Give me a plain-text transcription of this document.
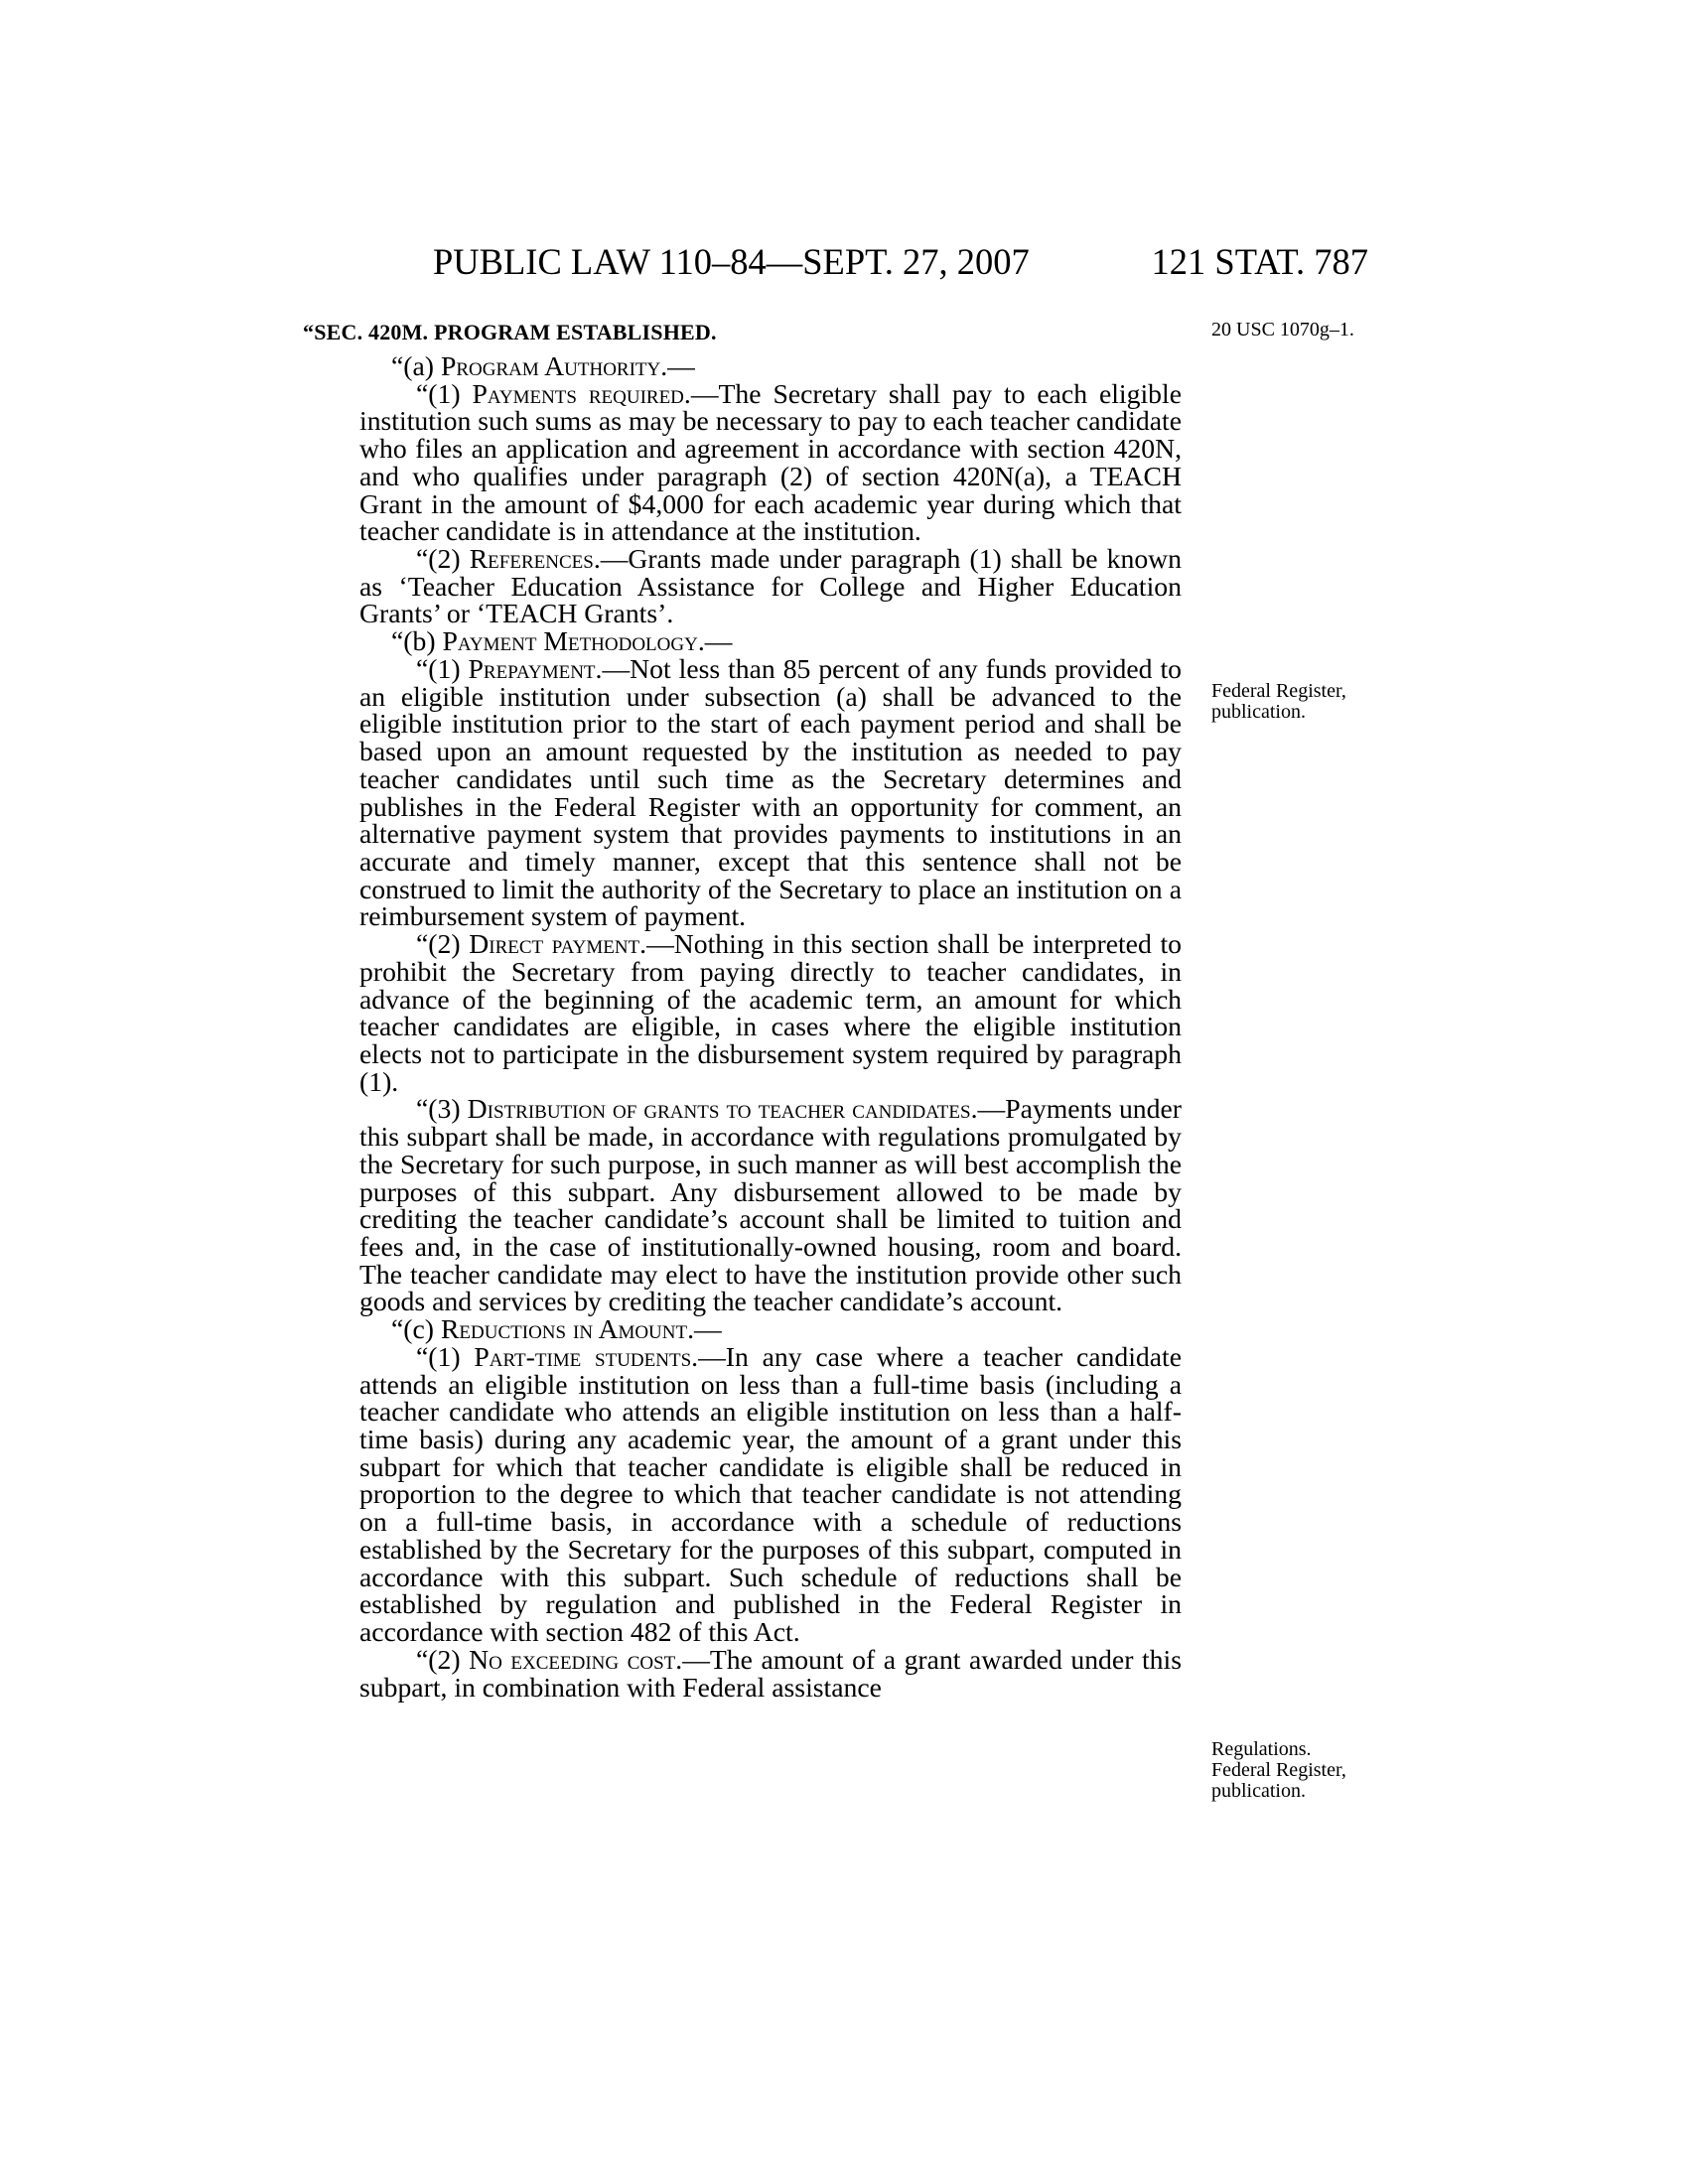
PUBLIC LAW 110–84—SEPT. 27, 2007	121 STAT. 787
20 USC 1070g–1.
Federal Register,
publication.
Regulations.
Federal Register,
publication.

“SEC. 420M. PROGRAM ESTABLISHED.

“(a) Program Authority.—

“(1) Payments required.—The Secretary shall pay to each eligible institution such sums as may be necessary to pay to each teacher candidate who files an application and agreement in accordance with section 420N, and who qualifies under paragraph (2) of section 420N(a), a TEACH Grant in the amount of $4,000 for each academic year during which that teacher candidate is in attendance at the institution.

“(2) References.—Grants made under paragraph (1) shall be known as ‘Teacher Education Assistance for College and Higher Education Grants’ or ‘TEACH Grants’.

“(b) Payment Methodology.—

“(1) Prepayment.—Not less than 85 percent of any funds provided to an eligible institution under subsection (a) shall be advanced to the eligible institution prior to the start of each payment period and shall be based upon an amount requested by the institution as needed to pay teacher candidates until such time as the Secretary determines and publishes in the Federal Register with an opportunity for comment, an alternative payment system that provides payments to institutions in an accurate and timely manner, except that this sentence shall not be construed to limit the authority of the Secretary to place an institution on a reimbursement system of payment.

“(2) Direct payment.—Nothing in this section shall be interpreted to prohibit the Secretary from paying directly to teacher candidates, in advance of the beginning of the academic term, an amount for which teacher candidates are eligible, in cases where the eligible institution elects not to participate in the disbursement system required by paragraph (1).

“(3) Distribution of grants to teacher candidates.—Payments under this subpart shall be made, in accordance with regulations promulgated by the Secretary for such purpose, in such manner as will best accomplish the purposes of this subpart. Any disbursement allowed to be made by crediting the teacher candidate’s account shall be limited to tuition and fees and, in the case of institutionally-owned housing, room and board. The teacher candidate may elect to have the institution provide other such goods and services by crediting the teacher candidate’s account.

“(c) Reductions in Amount.—

“(1) Part-time students.—In any case where a teacher candidate attends an eligible institution on less than a full-time basis (including a teacher candidate who attends an eligible institution on less than a half-time basis) during any academic year, the amount of a grant under this subpart for which that teacher candidate is eligible shall be reduced in proportion to the degree to which that teacher candidate is not attending on a full-time basis, in accordance with a schedule of reductions established by the Secretary for the purposes of this subpart, computed in accordance with this subpart. Such schedule of reductions shall be established by regulation and published in the Federal Register in accordance with section 482 of this Act.

“(2) No exceeding cost.—The amount of a grant awarded under this subpart, in combination with Federal assistance
